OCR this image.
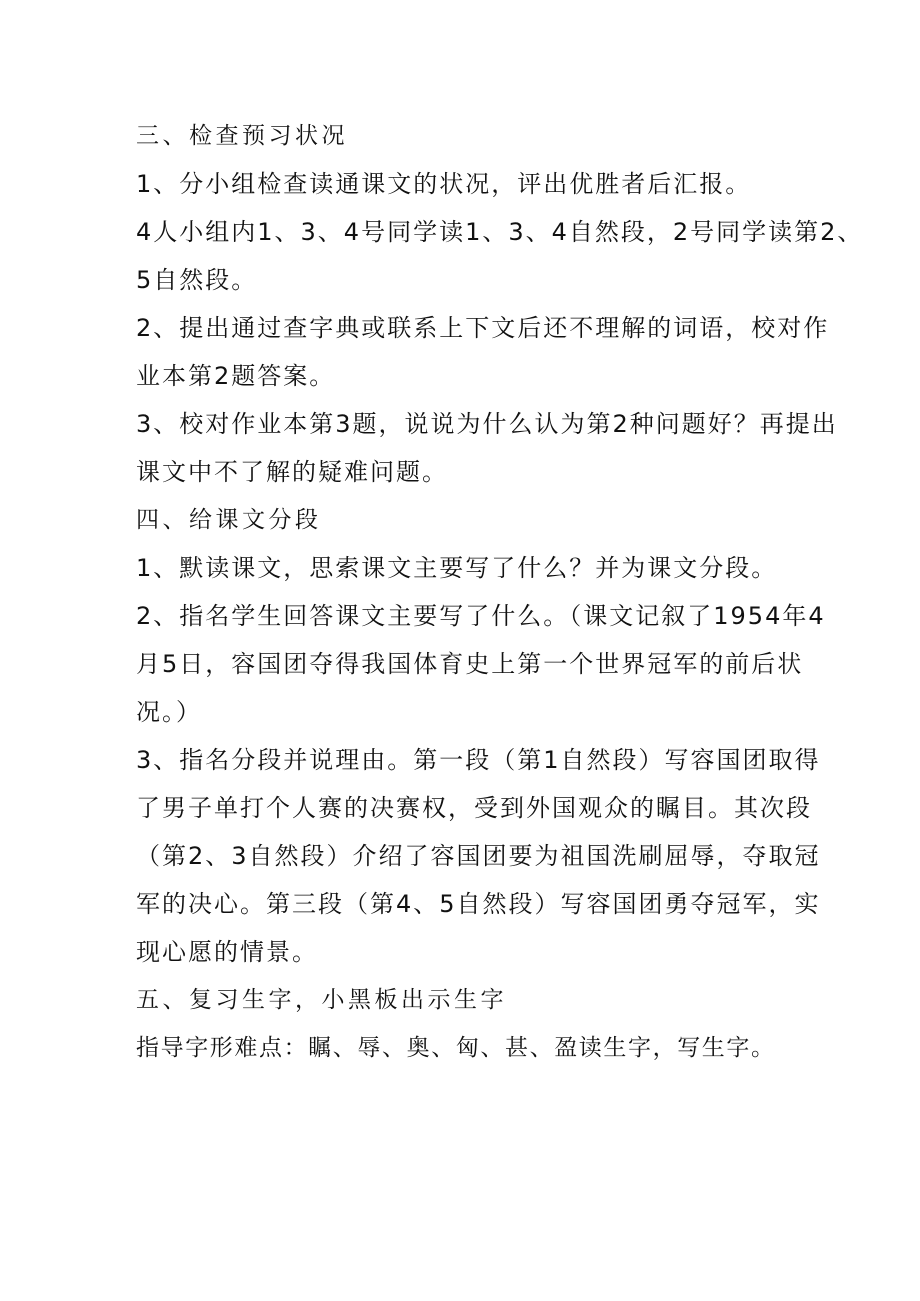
三、检查预习状况

1、分小组检查读通课文的状况，评出优胜者后汇报。

4人小组内1、3、4号同学读1、3、4自然段，2号同学读第2、

5自然段。

2、提出通过查字典或联系上下文后还不理解的词语，校对作

业本第2题答案。

3、校对作业本第3题，说说为什么认为第2种问题好？再提出

课文中不了解的疑难问题。

四、给课文分段

1、默读课文，思索课文主要写了什么？并为课文分段。

2、指名学生回答课文主要写了什么。（课文记叙了1954年4

月5日，容国团夺得我国体育史上第一个世界冠军的前后状

况。）

3、指名分段并说理由。第一段（第1自然段）写容国团取得

了男子单打个人赛的决赛权，受到外国观众的瞩目。其次段

（第2、3自然段）介绍了容国团要为祖国洗刷屈辱，夺取冠

军的决心。第三段（第4、5自然段）写容国团勇夺冠军，实

现心愿的情景。

五、复习生字，小黑板出示生字

指导字形难点：瞩、辱、奥、匈、甚、盈读生字，写生字。
